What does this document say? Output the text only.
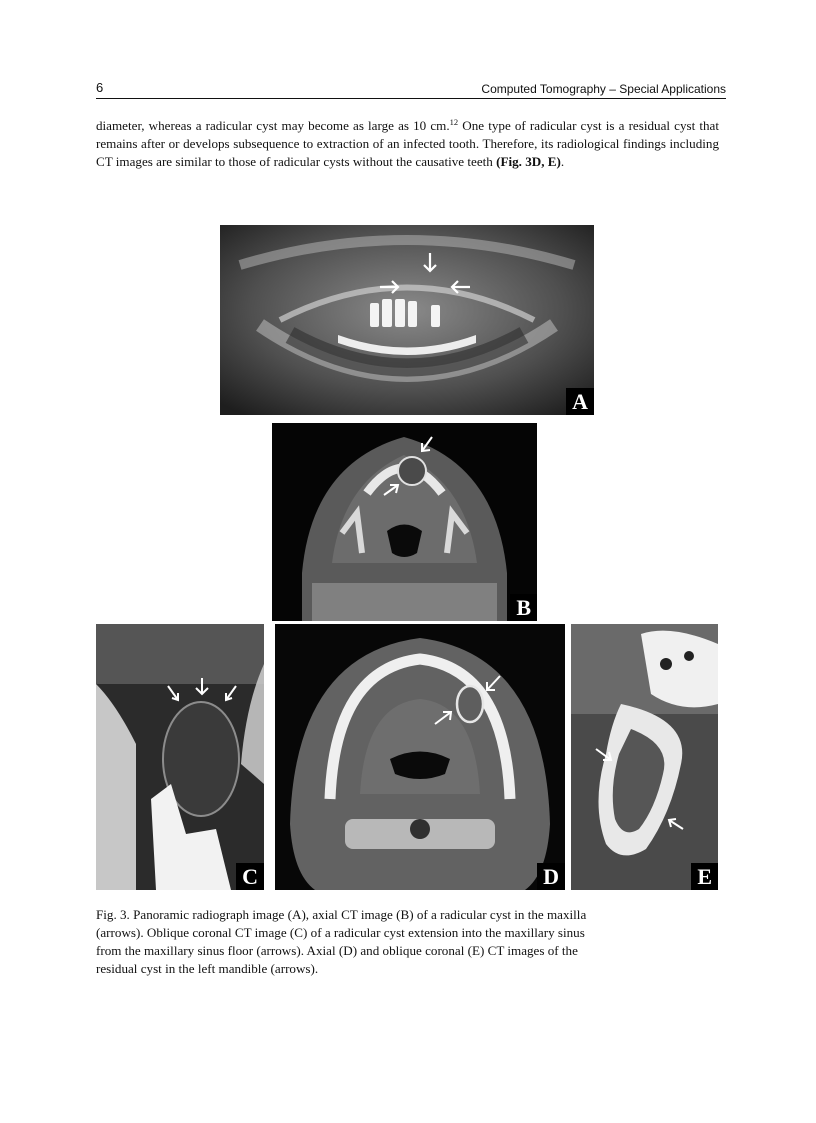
6	Computed Tomography – Special Applications
diameter, whereas a radicular cyst may become as large as 10 cm.$^{12}$ One type of radicular cyst is a residual cyst that remains after or develops subsequence to extraction of an infected tooth. Therefore, its radiological findings including CT images are similar to those of radicular cysts without the causative teeth (Fig. 3D, E).
A
B
C	D	E
Fig. 3. Panoramic radiograph image (A), axial CT image (B) of a radicular cyst in the maxilla
(arrows). Oblique coronal CT image (C) of a radicular cyst extension into the maxillary sinus
from the maxillary sinus floor (arrows). Axial (D) and oblique coronal (E) CT images of the
residual cyst in the left mandible (arrows).
